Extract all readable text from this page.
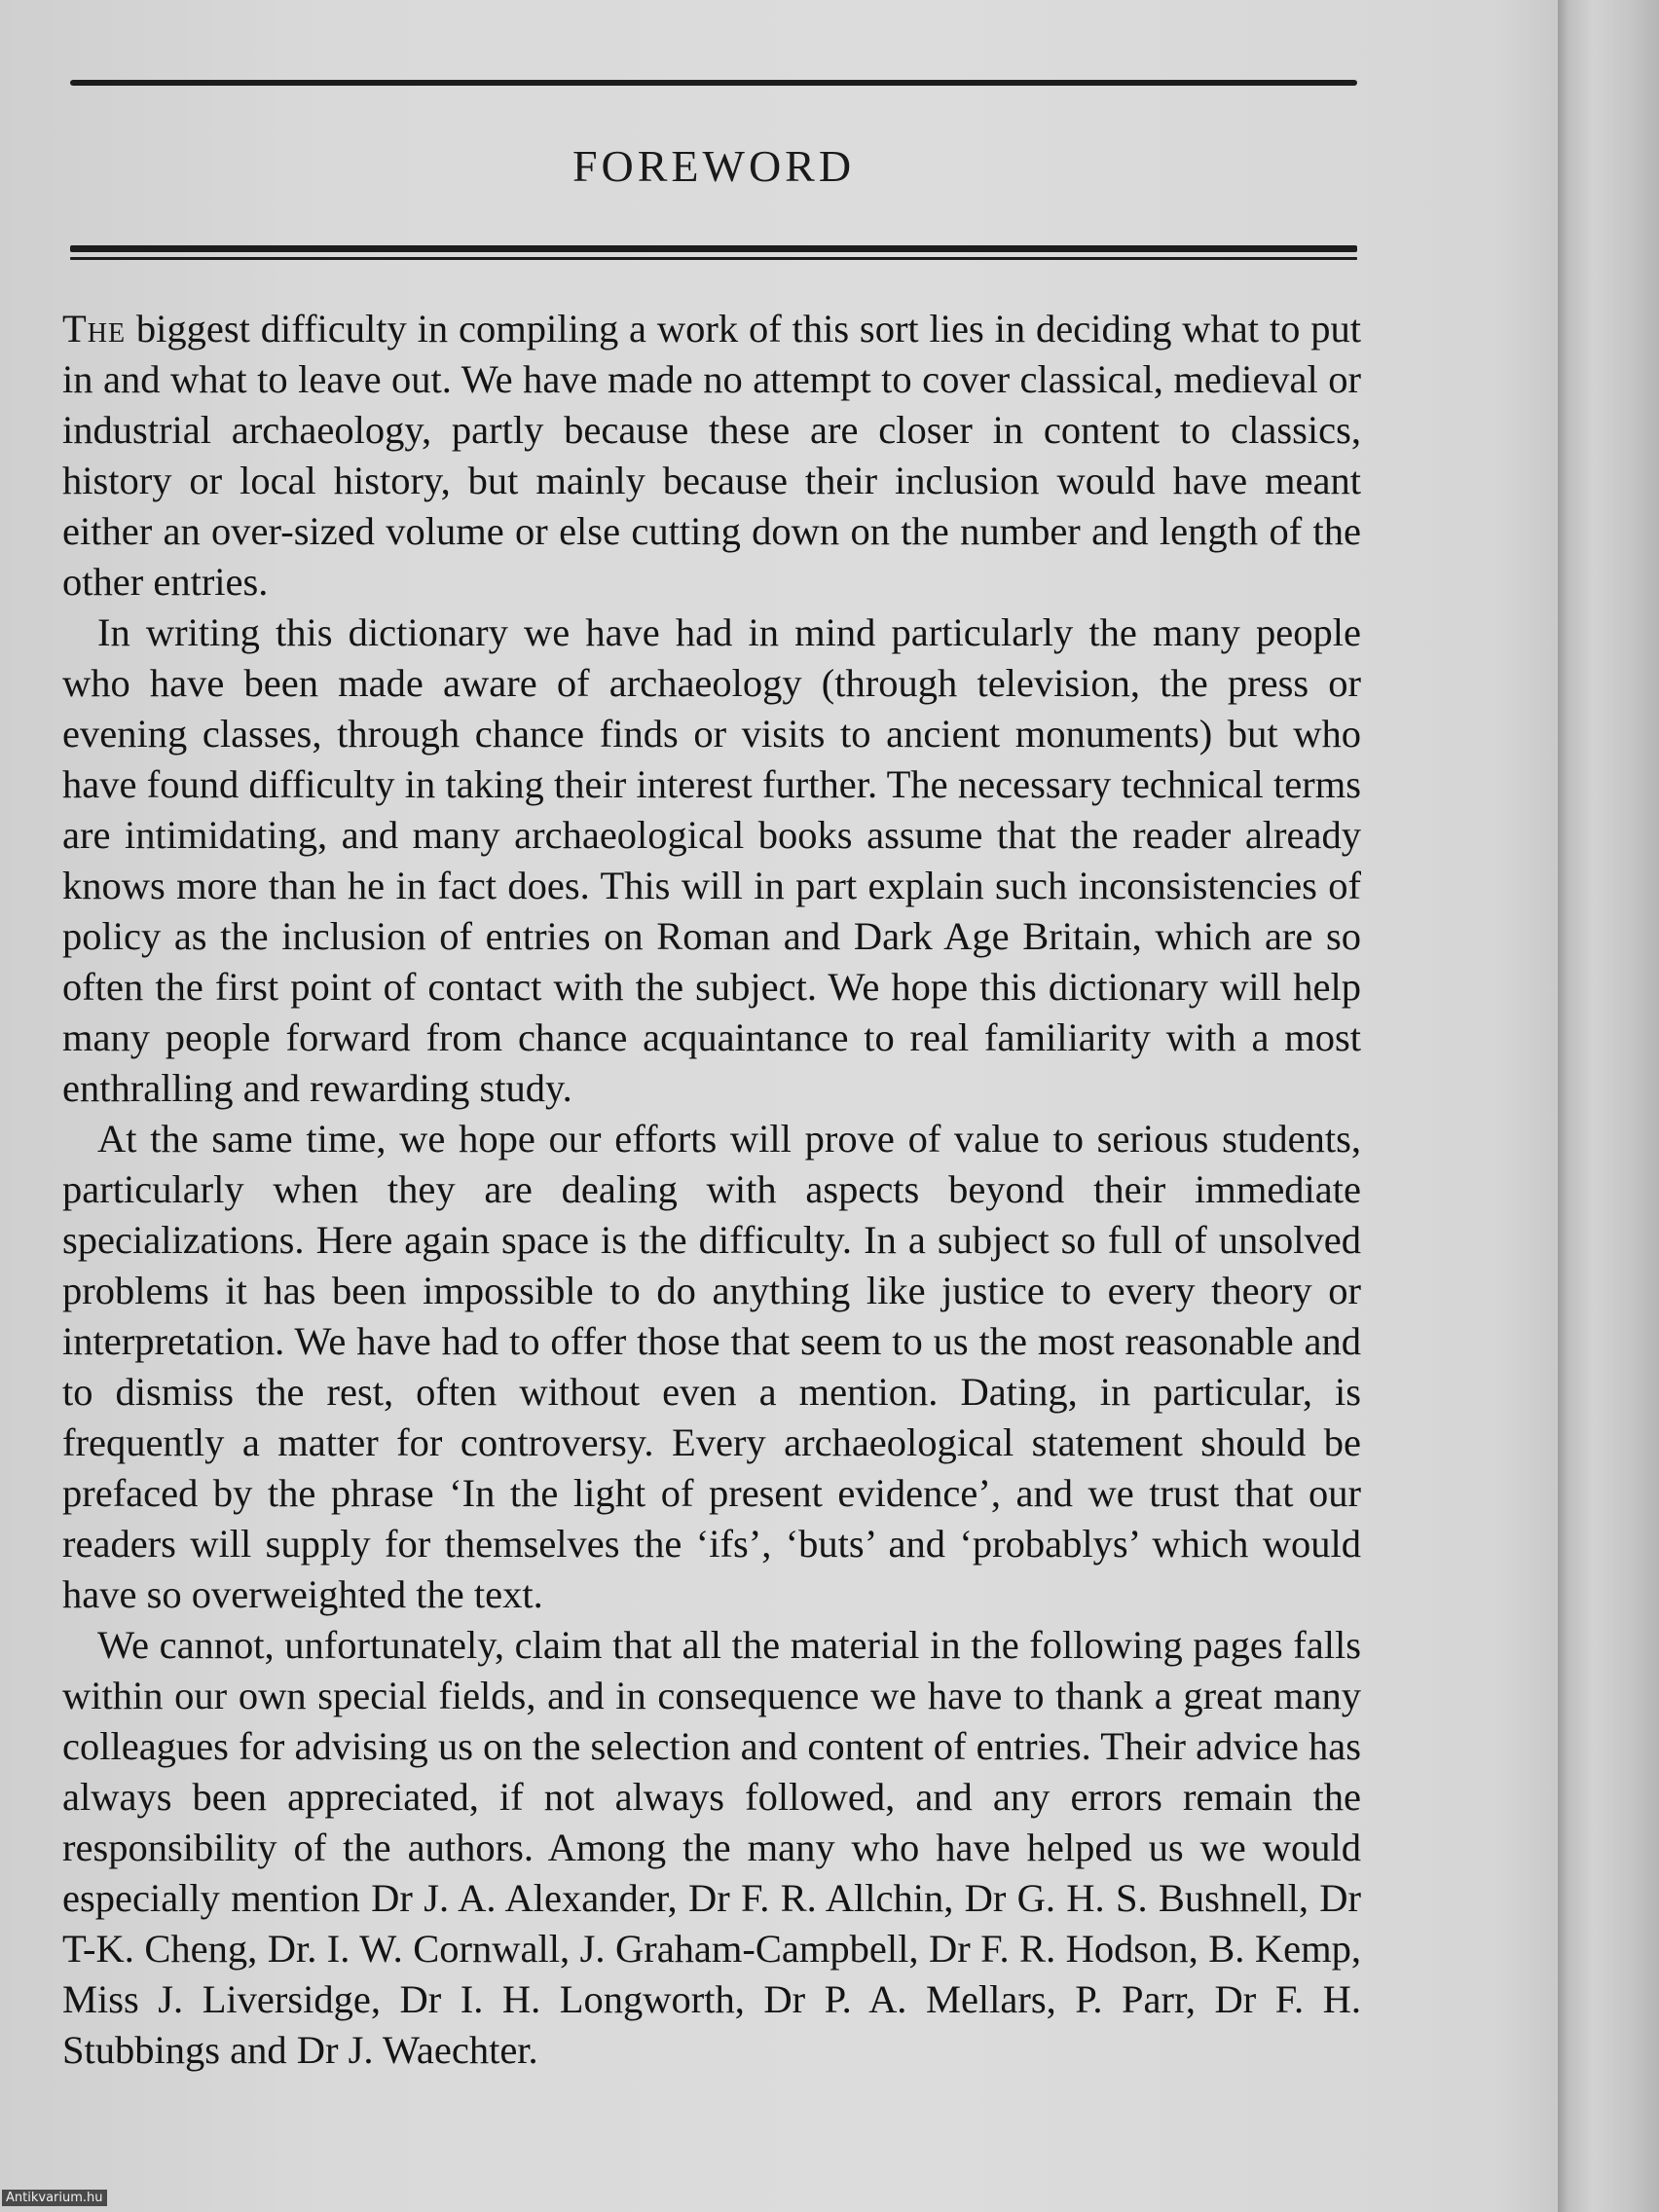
FOREWORD

The biggest difficulty in compiling a work of this sort lies in deciding what to put in and what to leave out. We have made no attempt to cover classical, medieval or industrial archaeology, partly because these are closer in content to classics, history or local history, but mainly because their inclusion would have meant either an over-sized volume or else cutting down on the number and length of the other entries.

In writing this dictionary we have had in mind particularly the many people who have been made aware of archaeology (through television, the press or evening classes, through chance finds or visits to ancient monuments) but who have found difficulty in taking their interest further. The necessary technical terms are intimidating, and many archaeological books assume that the reader already knows more than he in fact does. This will in part explain such inconsistencies of policy as the inclusion of entries on Roman and Dark Age Britain, which are so often the first point of contact with the subject. We hope this dictionary will help many people forward from chance acquaintance to real familiarity with a most enthralling and rewarding study.

At the same time, we hope our efforts will prove of value to serious students, particularly when they are dealing with aspects beyond their immediate specializations. Here again space is the difficulty. In a subject so full of unsolved problems it has been impossible to do anything like justice to every theory or interpretation. We have had to offer those that seem to us the most reasonable and to dismiss the rest, often without even a mention. Dating, in particular, is frequently a matter for controversy. Every archaeological statement should be prefaced by the phrase ‘In the light of present evidence’, and we trust that our readers will supply for themselves the ‘ifs’, ‘buts’ and ‘probablys’ which would have so overweighted the text.

We cannot, unfortunately, claim that all the material in the following pages falls within our own special fields, and in consequence we have to thank a great many colleagues for advising us on the selection and content of entries. Their advice has always been appreciated, if not always followed, and any errors remain the responsibility of the authors. Among the many who have helped us we would especially mention Dr J. A. Alexander, Dr F. R. Allchin, Dr G. H. S. Bushnell, Dr T-K. Cheng, Dr. I. W. Cornwall, J. Graham-Campbell, Dr F. R. Hodson, B. Kemp, Miss J. Liversidge, Dr I. H. Longworth, Dr P. A. Mellars, P. Parr, Dr F. H. Stubbings and Dr J. Waechter.

Antikvarium.hu
